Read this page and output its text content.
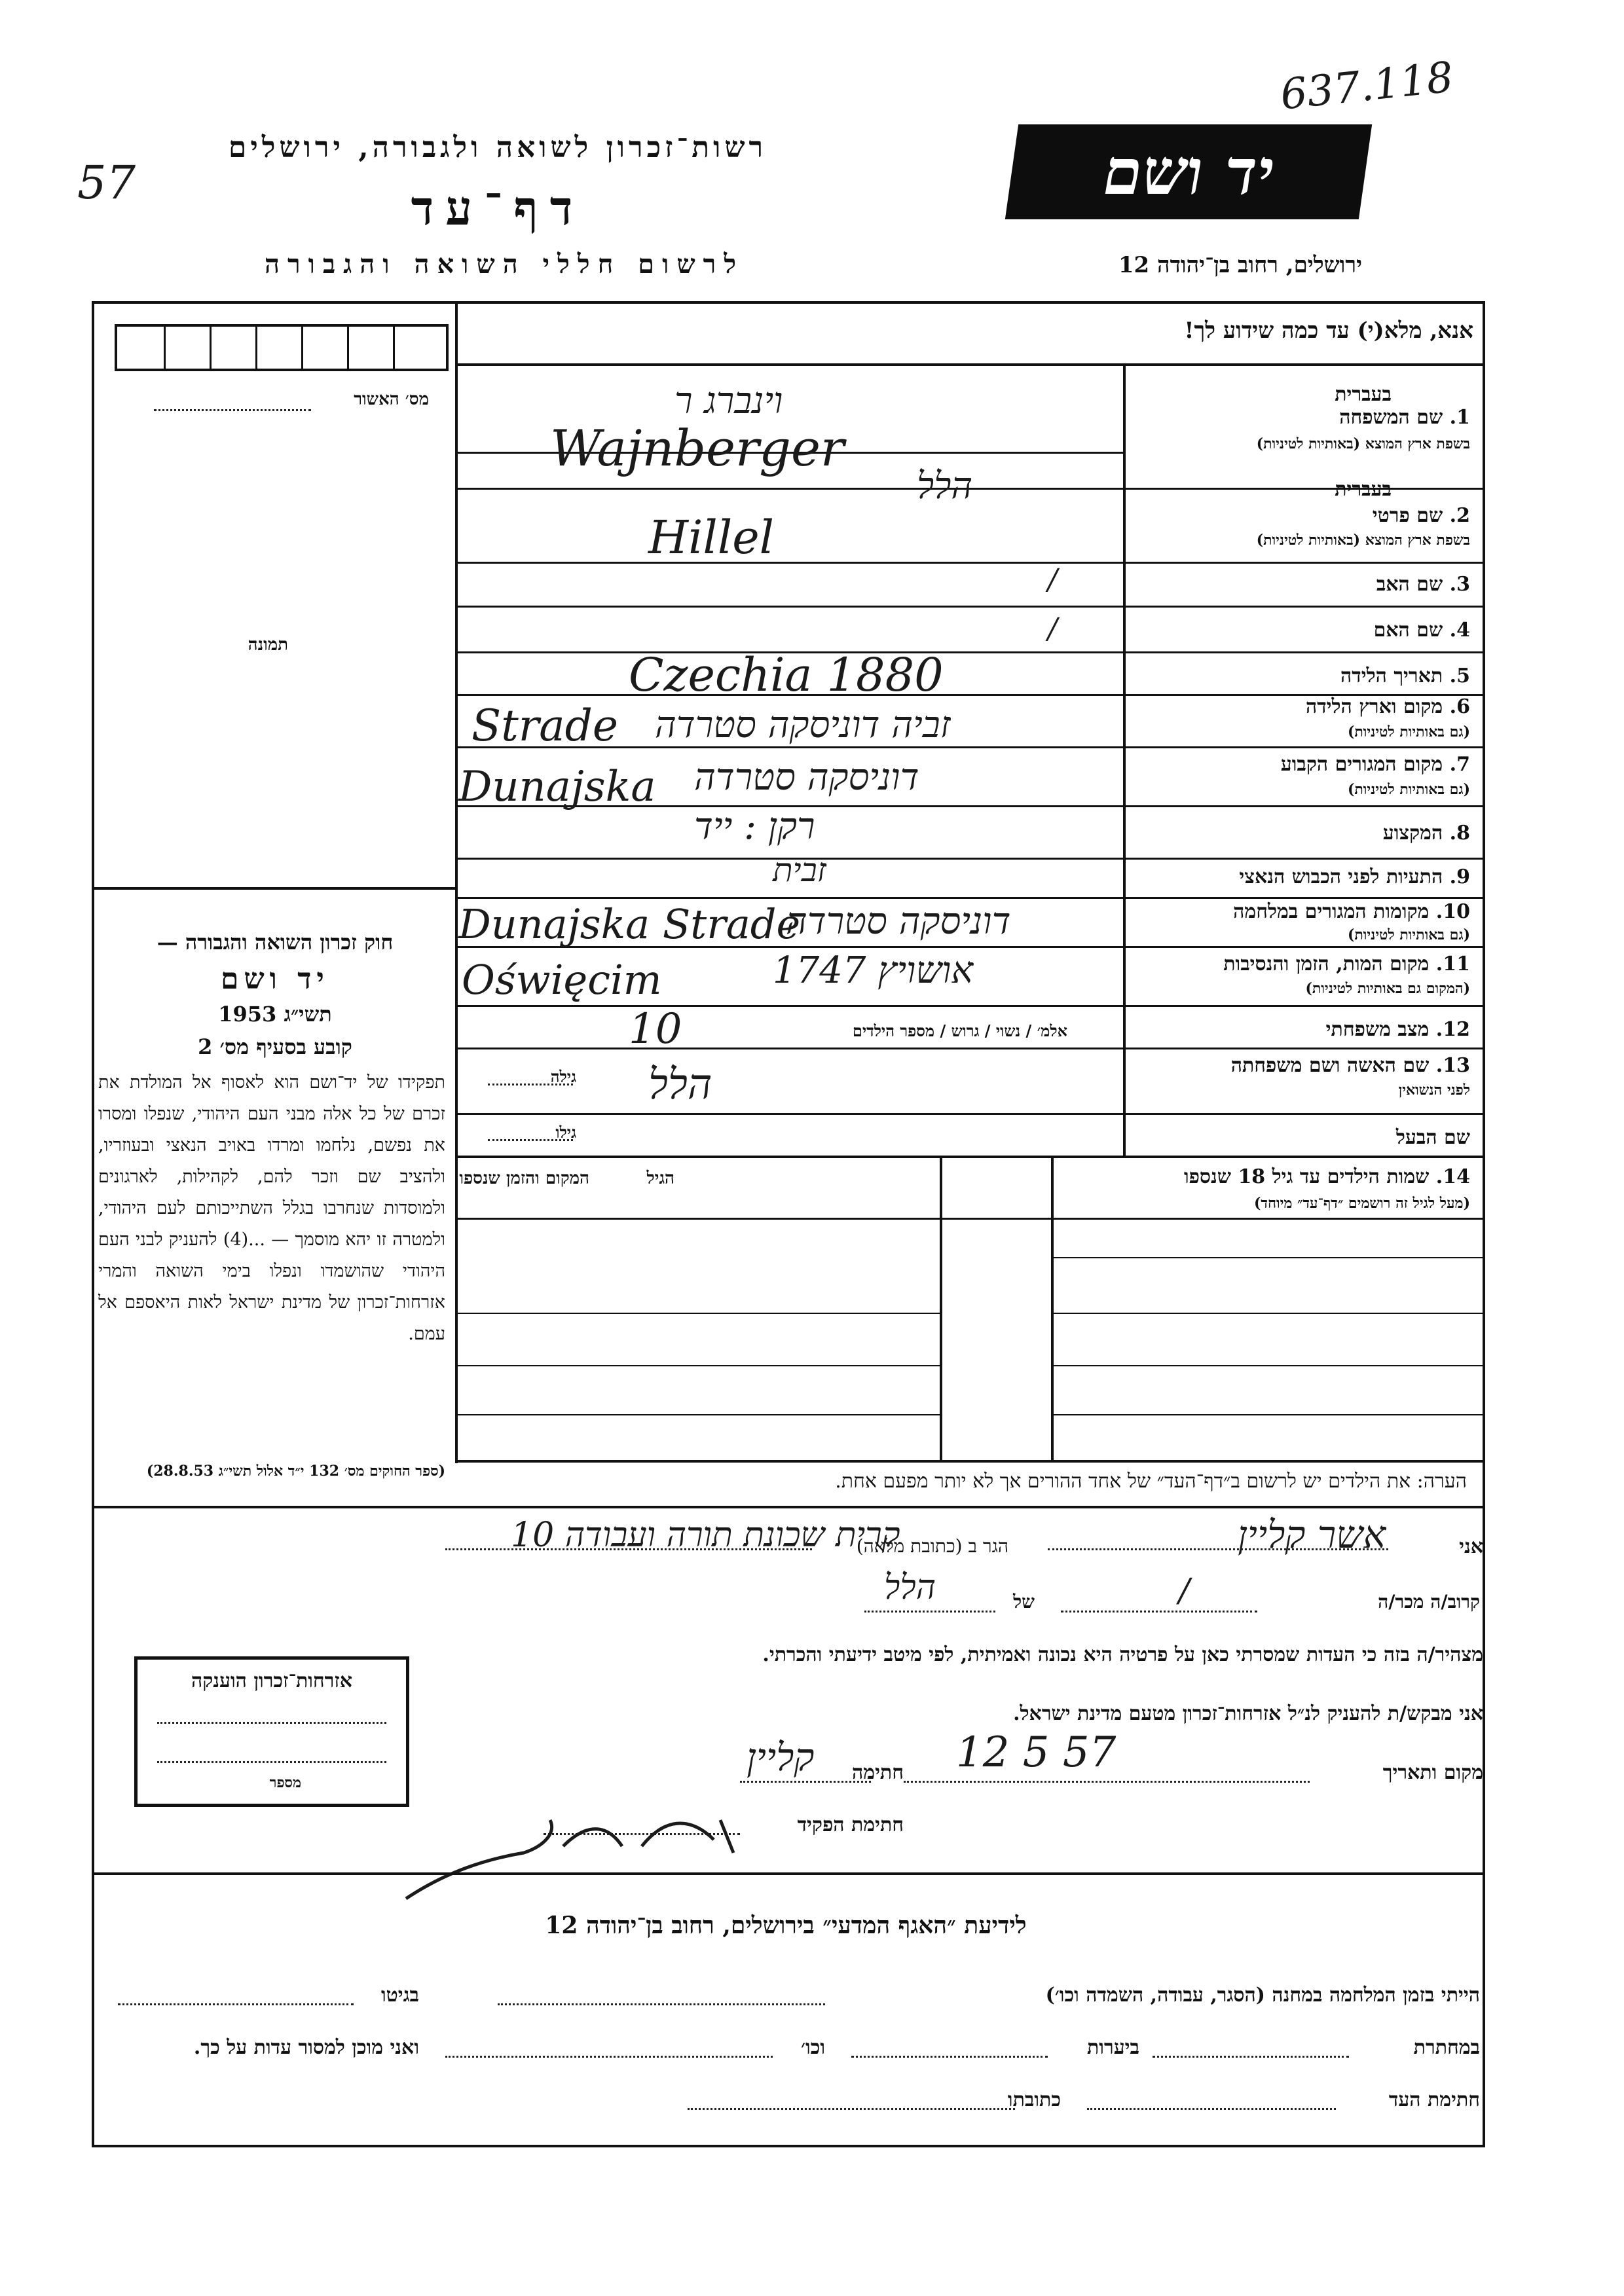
637.118
57
רשות־זכרון לשואה ולגבורה, ירושלים
דף־עד
לרשום חללי השואה והגבורה
יד ושם
ירושלים, רחוב בן־יהודה 12
אנא, מלא(י) עד כמה שידוע לך!
מס׳ האשור
תמונה
בעברית
1. שם המשפחה
בשפת ארץ המוצא (באותיות לטיניות)
בעברית
2. שם פרטי
בשפת ארץ המוצא (באותיות לטיניות)
3. שם האב
4. שם האם
5. תאריך הלידה
6. מקום וארץ הלידה
(גם באותיות לטיניות)
7. מקום המגורים הקבוע
(גם באותיות לטיניות)
8. המקצוע
9. התעיות לפני הכבוש הנאצי
10. מקומות המגורים במלחמה
(גם באותיות לטיניות)
11. מקום המות, הזמן והנסיבות
(המקום גם באותיות לטיניות)
12. מצב משפחתי
13. שם האשה ושם משפחתה
לפני הנשואין
שם הבעל
וינברג ר
Wajnberger
הלל
Hillel
/
/
Czechia 1880
Strade זביה דוניסקה סטרדה
Dunajska דוניסקה סטרדה
רקן : ייד
זבית
Dunajska Strade
דוניסקה סטרדה
Oświęcim	אושויץ 1747
10	אלמ׳ / נשוי / גרוש / מספר הילדים
הלל
גילה
גילו
14. שמות הילדים עד גיל 18 שנספו
(מעל לגיל זה רושמים ״דף־עד״ מיוחד)
הגיל
המקום והזמן שנספו
הערה: את הילדים יש לרשום ב״דף־העד״ של אחד ההורים אך לא יותר מפעם אחת.
חוק זכרון השואה והגבורה —
יד ושם
תשי״ג 1953
קובע בסעיף מס׳ 2
תפקידו של יד־ושם הוא לאסוף אל המולדת את זכרם של כל אלה מבני העם היהודי, שנפלו ומסרו את נפשם, נלחמו ומרדו באויב הנאצי ובעוזריו, ולהציב שם וזכר להם, לקהילות, לארגונים ולמוסדות שנחרבו בגלל השתייכותם לעם היהודי, ולמטרה זו יהא מוסמך — ...(4) להעניק לבני העם היהודי שהושמדו ונפלו בימי השואה והמרי אזרחות־זכרון של מדינת ישראל לאות היאספם אל עמם.
(ספר החוקים מס׳ 132 י״ד אלול תשי״ג 28.8.53)
אני
אשר קליין
הגר ב (כתובת מלאה)
קרית שכונת תורה ועבודה 10
קרוב/ה מכר/ה
/
של
הלל
מצהיר/ה בזה כי העדות שמסרתי כאן על פרטיה היא נכונה ואמיתית, לפי מיטב ידיעתי והכרתי.
אני מבקש/ת להעניק לנ״ל אזרחות־זכרון מטעם מדינת ישראל.
מקום ותאריך
12 5 57
חתימה
קליין
חתימת הפקיד
אזרחות־זכרון הוענקה
מספר
לידיעת ״האגף המדעי״ בירושלים, רחוב בן־יהודה 12
הייתי בזמן המלחמה במחנה (הסגר, עבודה, השמדה וכו׳)
בגיטו
במחתרת
ביערות
וכו׳
ואני מוכן למסור עדות על כך.
חתימת העד
כתובתו
